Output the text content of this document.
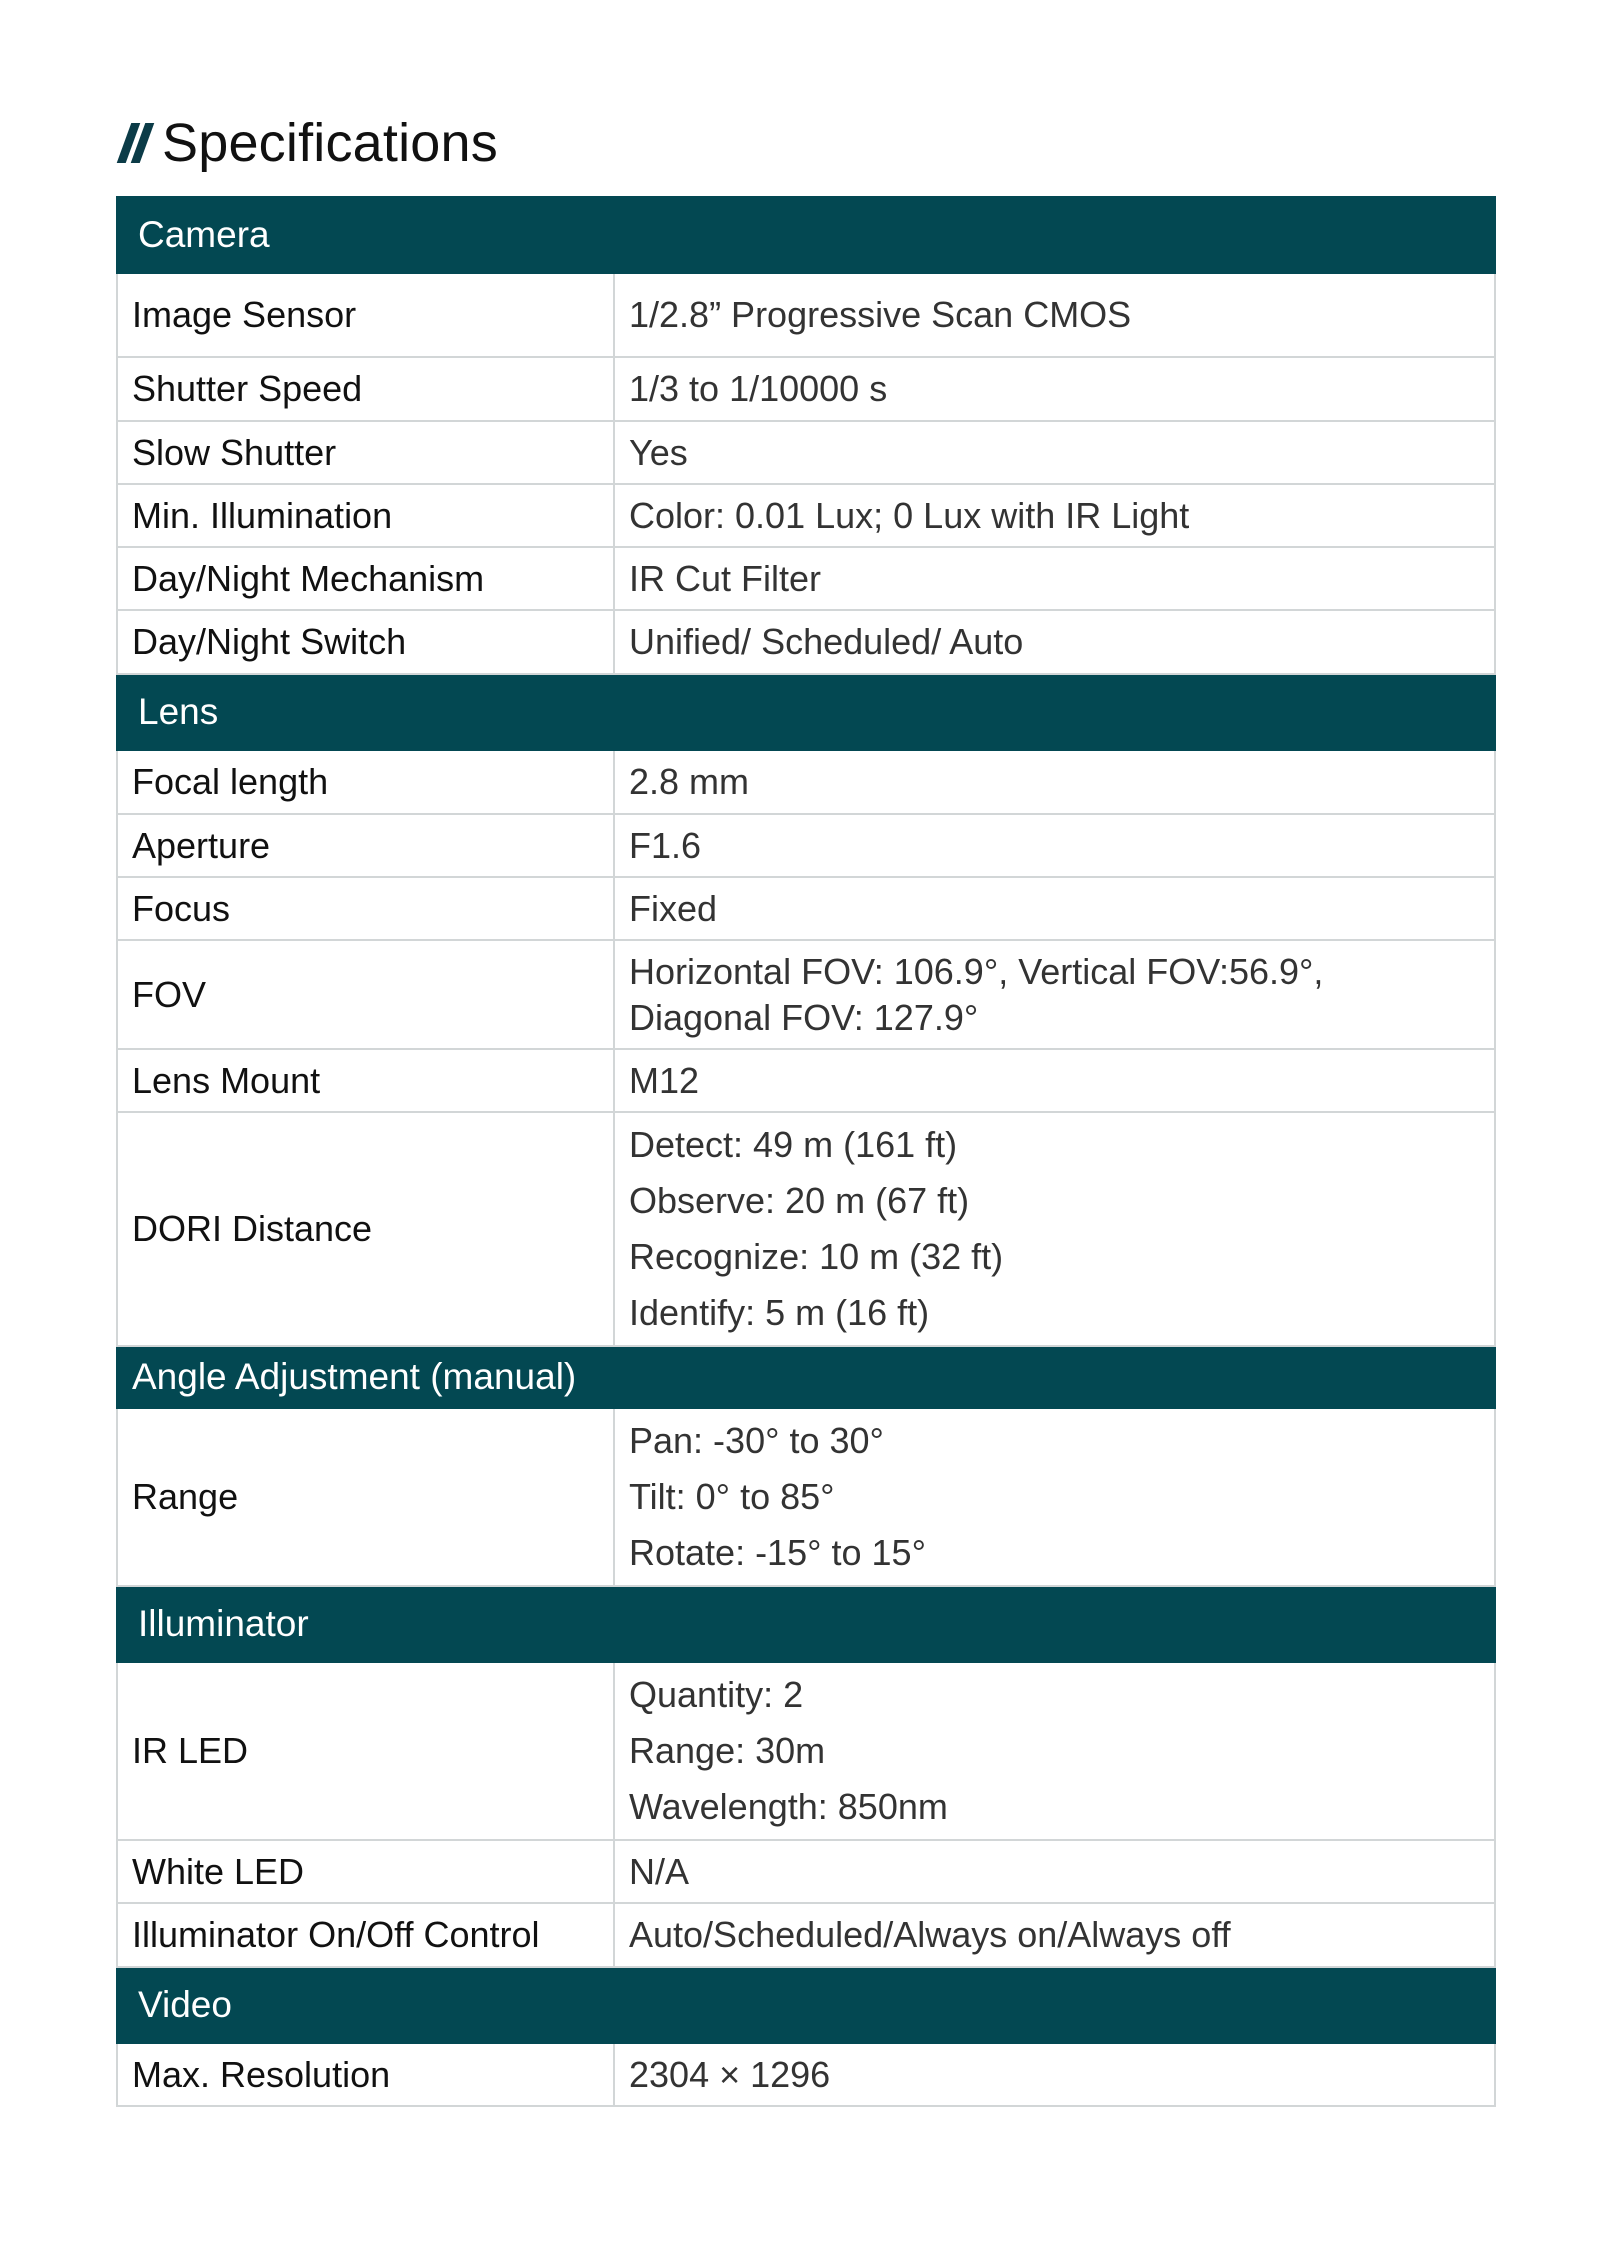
Specifications
Camera	
Image Sensor	1/2.8” Progressive Scan CMOS
Shutter Speed	1/3 to 1/10000 s
Slow Shutter	Yes
Min. Illumination	Color: 0.01 Lux; 0 Lux with IR Light
Day/Night Mechanism	IR Cut Filter
Day/Night Switch	Unified/ Scheduled/ Auto
Lens	
Focal length	2.8 mm
Aperture	F1.6
Focus	Fixed
FOV	Horizontal FOV: 106.9°, Vertical FOV:56.9°,
Diagonal FOV: 127.9°

Lens Mount	M12
DORI Distance	Detect: 49 m (161 ft)
Observe: 20 m (67 ft)
Recognize: 10 m (32 ft)
Identify: 5 m (16 ft)

Angle Adjustment (manual)	
Range	Pan: -30° to 30°
Tilt: 0° to 85°
Rotate: -15° to 15°

Illuminator	
IR LED	Quantity: 2
Range: 30m
Wavelength: 850nm

White LED	N/A
Illuminator On/Off Control	Auto/Scheduled/Always on/Always off
Video	
Max. Resolution	2304 × 1296
